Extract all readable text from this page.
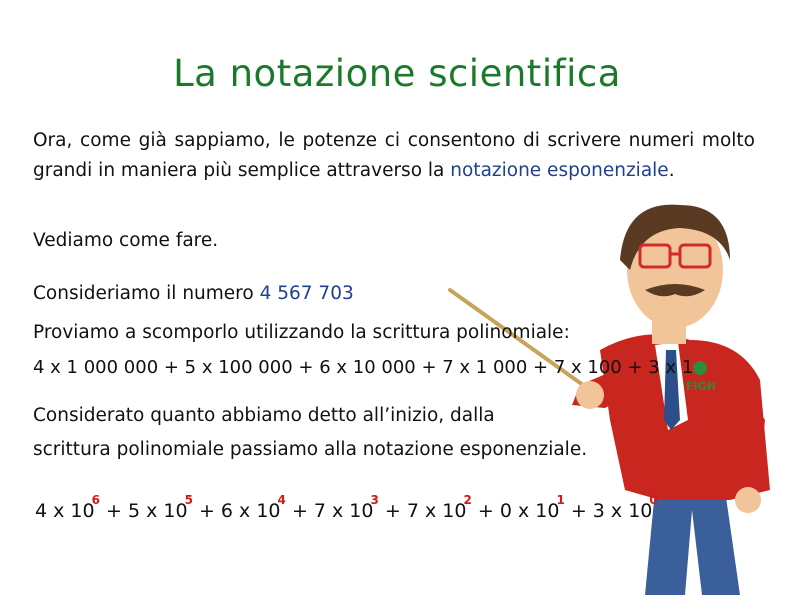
La notazione scientifica
Ora, come già sappiamo, le potenze ci consentono di scrivere numeri molto grandi in maniera più semplice attraverso la notazione esponenziale.
Vediamo come fare.
Consideriamo il numero 4 567 703
FIGH
Proviamo a scomporlo utilizzando la scrittura polinomiale:
4 x 1 000 000 + 5 x 100 000 + 6 x 10 000 + 7 x 1 000 + 7 x 100 + 3 x 1
Considerato quanto abbiamo detto all’inizio, dalla
scrittura polinomiale passiamo alla notazione esponenziale.
4 x $10^6 + 5$ x $10^5 + 6$ x $10^4 + 7$ x $10^3 + 7$ x $10^2 + 0$ x $10^1 + 3$ x $10^0$
